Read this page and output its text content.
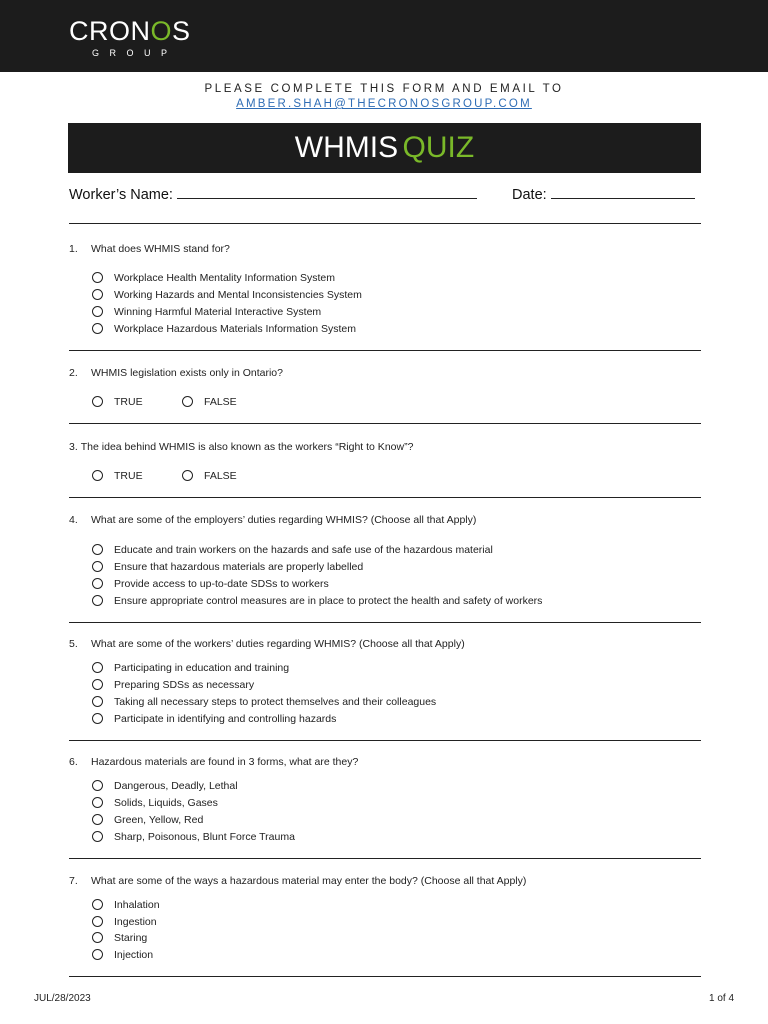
CRONOS
GROUP
PLEASE COMPLETE THIS FORM AND EMAIL TO
AMBER.SHAH@THECRONOSGROUP.COM
WHMIS QUIZ
Worker’s Name:	Date:
1. What does WHMIS stand for?
Workplace Health Mentality Information System
Working Hazards and Mental Inconsistencies System
Winning Harmful Material Interactive System
Workplace Hazardous Materials Information System
2. WHMIS legislation exists only in Ontario?
TRUE	FALSE
3. The idea behind WHMIS is also known as the workers “Right to Know”?
TRUE	FALSE
4. What are some of the employers’ duties regarding WHMIS? (Choose all that Apply)
Educate and train workers on the hazards and safe use of the hazardous material
Ensure that hazardous materials are properly labelled
Provide access to up-to-date SDSs to workers
Ensure appropriate control measures are in place to protect the health and safety of workers
5. What are some of the workers’ duties regarding WHMIS? (Choose all that Apply)
Participating in education and training
Preparing SDSs as necessary
Taking all necessary steps to protect themselves and their colleagues
Participate in identifying and controlling hazards
6. Hazardous materials are found in 3 forms, what are they?
Dangerous, Deadly, Lethal
Solids, Liquids, Gases
Green, Yellow, Red
Sharp, Poisonous, Blunt Force Trauma
7. What are some of the ways a hazardous material may enter the body? (Choose all that Apply)
Inhalation
Ingestion
Staring
Injection
JUL/28/2023	1 of 4
